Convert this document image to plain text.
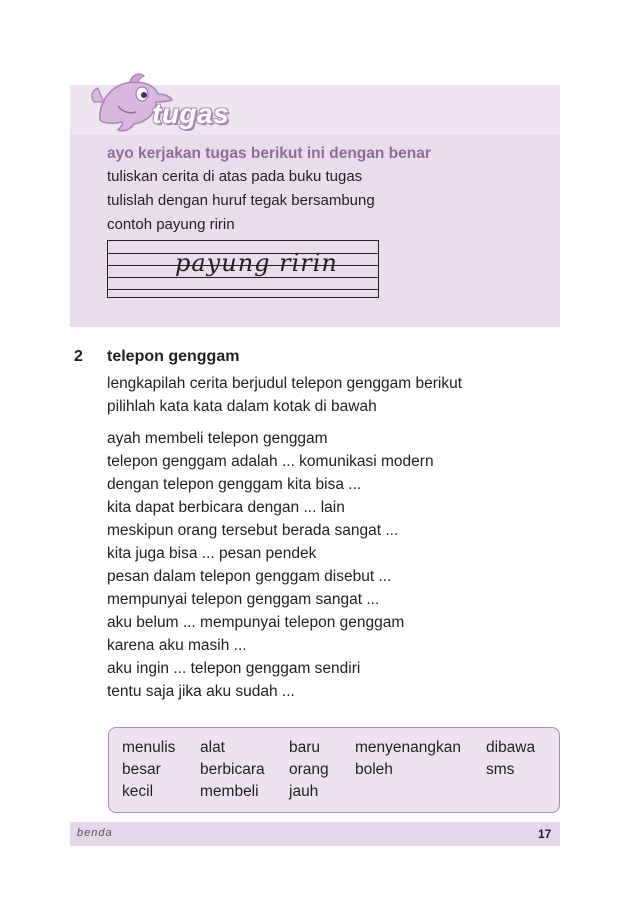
tugas
ayo kerjakan tugas berikut ini dengan benar
tuliskan cerita di atas pada buku tugas
tulislah dengan huruf tegak bersambung
contoh payung ririn
payung ririn
2 telepon genggam
lengkapilah cerita berjudul telepon genggam berikut
pilihlah kata kata dalam kotak di bawah
ayah membeli telepon genggam
telepon genggam adalah ... komunikasi modern
dengan telepon genggam kita bisa ...
kita dapat berbicara dengan ... lain
meskipun orang tersebut berada sangat ...
kita juga bisa ... pesan pendek
pesan dalam telepon genggam disebut ...
mempunyai telepon genggam sangat ...
aku belum ... mempunyai telepon genggam
karena aku masih ...
aku ingin ... telepon genggam sendiri
tentu saja jika aku sudah ...
menulis
besar
kecil
alat
berbicara
membeli
baru
orang
jauh
menyenangkan
boleh
dibawa
sms
benda	17
